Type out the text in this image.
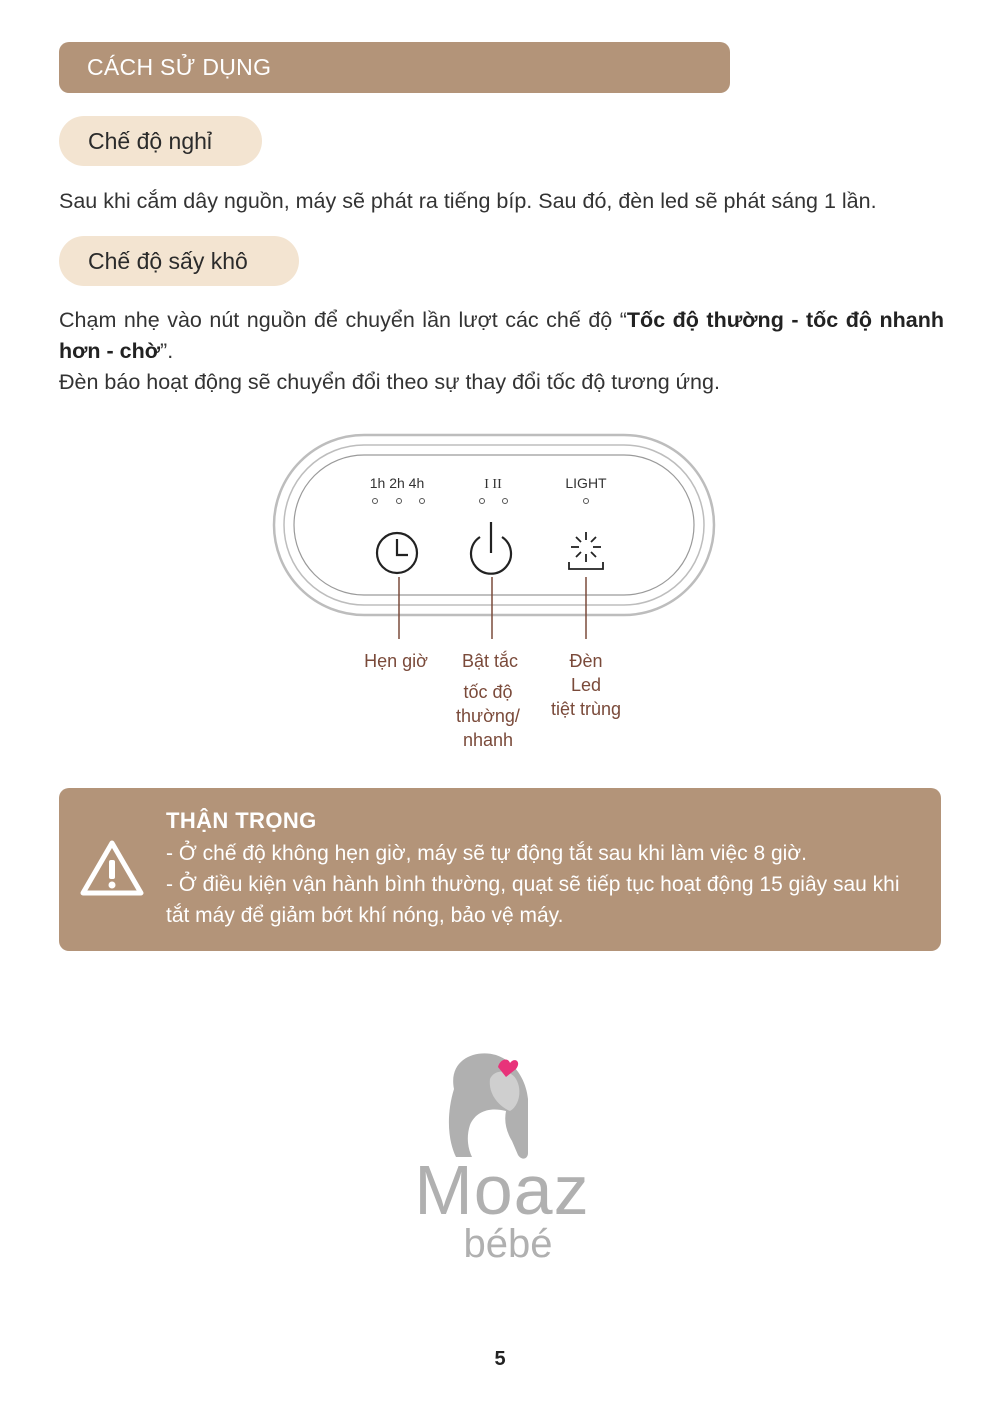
CÁCH SỬ DỤNG
Chế độ nghỉ
Sau khi cắm dây nguồn, máy sẽ phát ra tiếng bíp. Sau đó, đèn led sẽ phát sáng 1 lần.
Chế độ sấy khô
Chạm nhẹ vào nút nguồn để chuyển lần lượt các chế độ “Tốc độ thường - tốc độ nhanh hơn - chờ”.
Đèn báo hoạt động sẽ chuyển đổi theo sự thay đổi tốc độ tương ứng.
1h 2h 4h	I II	LIGHT
Hẹn giờ	Bật tắc
tốc độ
thường/
nhanh
Đèn
Led
tiệt trùng
THẬN TRỌNG
- Ở chế độ không hẹn giờ, máy sẽ tự động tắt sau khi làm việc 8 giờ.
- Ở điều kiện vận hành bình thường, quạt sẽ tiếp tục hoạt động 15 giây sau khi tắt máy để giảm bớt khí nóng, bảo vệ máy.
Moaz
bébé
5
